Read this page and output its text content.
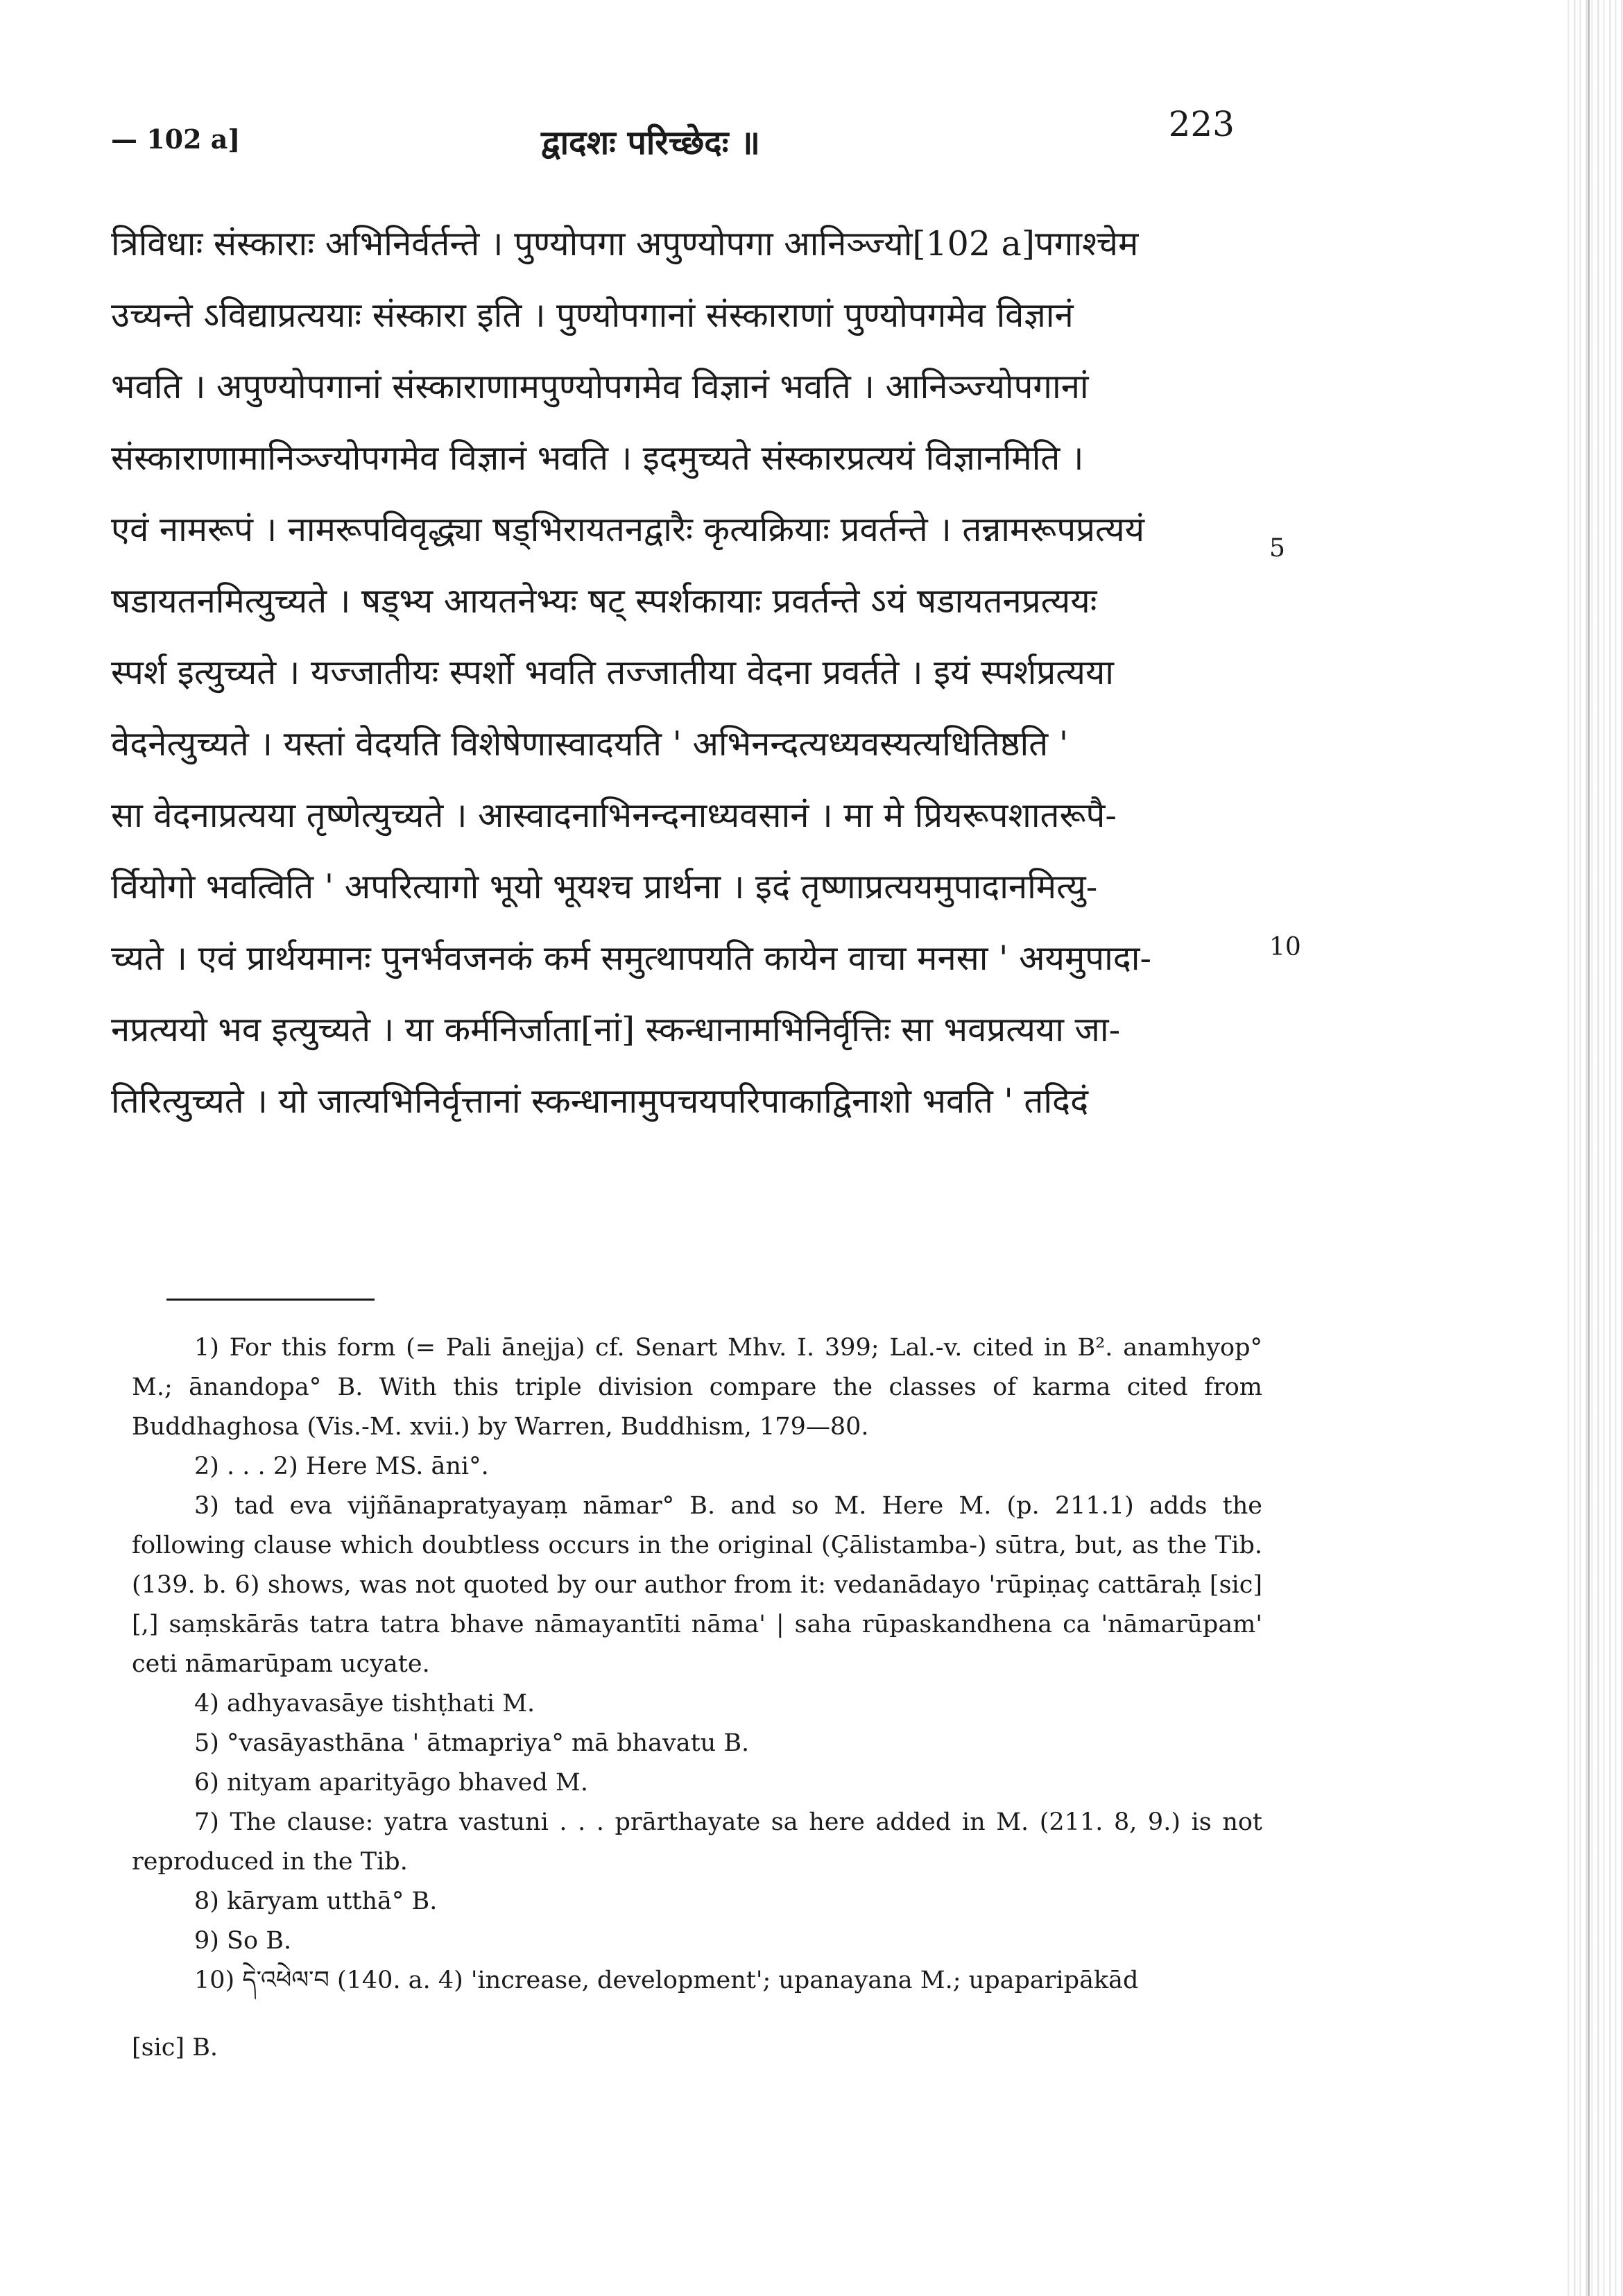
— 102 a]	द्वादशः परिच्छेदः ॥	223
त्रिविधाः संस्काराः अभिनिर्वर्तन्ते । पुण्योपगा अपुण्योपगा आनिञ्ज्यो[102 a]पगाश्चेम
उच्यन्ते ऽविद्याप्रत्ययाः संस्कारा इति । पुण्योपगानां संस्काराणां पुण्योपगमेव विज्ञानं
भवति । अपुण्योपगानां संस्काराणामपुण्योपगमेव विज्ञानं भवति । आनिञ्ज्योपगानां
संस्काराणामानिञ्ज्योपगमेव विज्ञानं भवति । इदमुच्यते संस्कारप्रत्ययं विज्ञानमिति ।
एवं नामरूपं । नामरूपविवृद्ध्या षड्भिरायतनद्वारैः कृत्यक्रियाः प्रवर्तन्ते । तन्नामरूपप्रत्ययं
षडायतनमित्युच्यते । षड्भ्य आयतनेभ्यः षट् स्पर्शकायाः प्रवर्तन्ते ऽयं षडायतनप्रत्ययः
स्पर्श इत्युच्यते । यज्जातीयः स्पर्शो भवति तज्जातीया वेदना प्रवर्तते । इयं स्पर्शप्रत्यया
वेदनेत्युच्यते । यस्तां वेदयति विशेषेणास्वादयति ' अभिनन्दत्यध्यवस्यत्यधितिष्ठति '
सा वेदनाप्रत्यया तृष्णेत्युच्यते । आस्वादनाभिनन्दनाध्यवसानं । मा मे प्रियरूपशातरूपै-
र्वियोगो भवत्विति ' अपरित्यागो भूयो भूयश्च प्रार्थना । इदं तृष्णाप्रत्ययमुपादानमित्यु-
च्यते । एवं प्रार्थयमानः पुनर्भवजनकं कर्म समुत्थापयति कायेन वाचा मनसा ' अयमुपादा-
नप्रत्ययो भव इत्युच्यते । या कर्मनिर्जाता[नां] स्कन्धानामभिनिर्वृत्तिः सा भवप्रत्यया जा-
तिरित्युच्यते । यो जात्यभिनिर्वृत्तानां स्कन्धानामुपचयपरिपाकाद्विनाशो भवति ' तदिदं
5
10
1) For this form (= Pali ānejja) cf. Senart Mhv. I. 399; Lal.-v. cited in B². anamhyop° M.; ānandopa° B. With this triple division compare the classes of karma cited from Buddhaghosa (Vis.-M. xvii.) by Warren, Buddhism, 179—80.
2) . . . 2) Here MS. āni°.
3) tad eva vijñānapratyayaṃ nāmar° B. and so M. Here M. (p. 211.1) adds the following clause which doubtless occurs in the original (Çālistamba-) sūtra, but, as the Tib. (139. b. 6) shows, was not quoted by our author from it: vedanādayo 'rūpiṇaç cattāraḥ [sic] [,] saṃskārās tatra tatra bhave nāmayantīti nāma' | saha rūpaskandhena ca 'nāmarūpam' ceti nāmarūpam ucyate.
4) adhyavasāye tishṭhati M.
5) °vasāyasthāna ' ātmapriya° mā bhavatu B.
6) nityam aparityāgo bhaved M.
7) The clause: yatra vastuni . . . prārthayate sa here added in M. (211. 8, 9.) is not reproduced in the Tib.
8) kāryam utthā° B.
9) So B.
10) དེ་འཕེལ་བ (140. a. 4) 'increase, development'; upanayana M.; upaparipākād
[sic] B.
